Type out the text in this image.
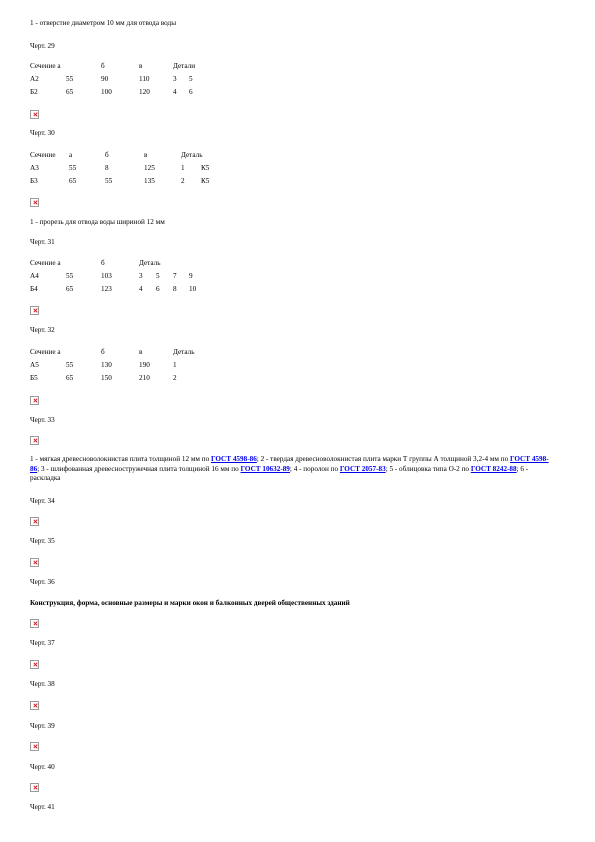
1 - отверстие диаметром 10 мм для отвода воды
Черт. 29
Сечение а	б	в	Детали
А2	55	90	110	3 5
Б2	65	100	120	4 6
Черт. 30
Сечение а	б	в	Деталь
А3	55	8	125	1 К5
Б3	65	55	135	2 К5
1 - прорезь для отвода воды шириной 12 мм
Черт. 31
Сечение а	б	Деталь
А4	55	103	3 5 7 9
Б4	65	123	4 6 8 10
Черт. 32
Сечение а	б	в	Деталь
А5	55	130	190	1
Б5	65	150	210	2
Черт. 33
1 - мягкая древесноволокнистая плита толщиной 12 мм по ГОСТ 4598-86; 2 - твердая древесноволокнистая плита марки Т группы А толщиной 3,2-4 мм по ГОСТ 4598-86; 3 - шлифованная древесностружечная плита толщиной 16 мм по ГОСТ 10632-89; 4 - поролон по ГОСТ 2057-83; 5 - облицовка типа О-2 по ГОСТ 8242-88; 6 - раскладка
Черт. 34
Черт. 35
Черт. 36
Конструкция, форма, основные размеры и марки окон и балконных дверей общественных зданий
Черт. 37
Черт. 38
Черт. 39
Черт. 40
Черт. 41
